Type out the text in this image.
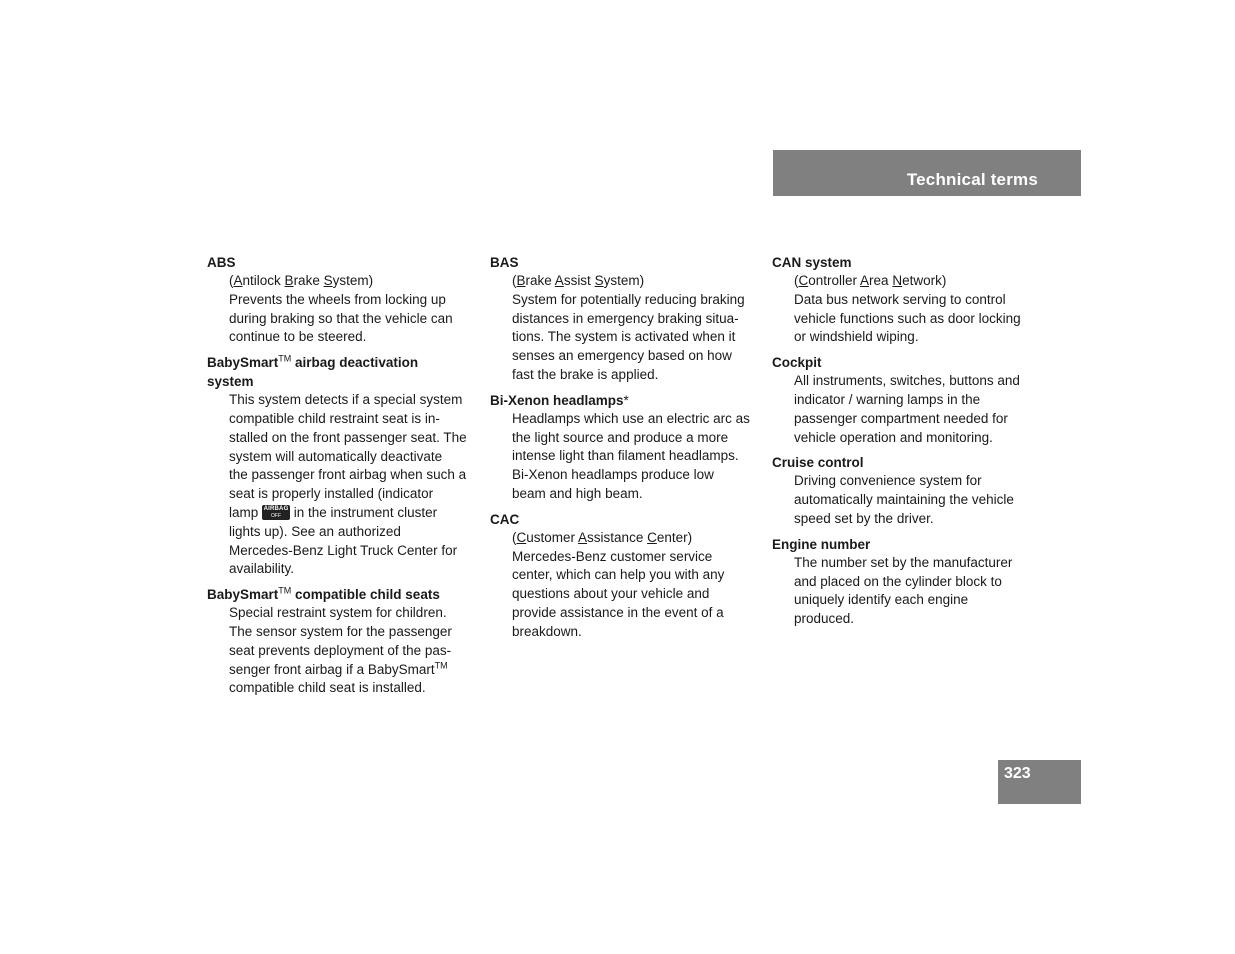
Technical terms
ABS
(Antilock Brake System)
Prevents the wheels from locking up
during braking so that the vehicle can
continue to be steered.
BabySmart™ airbag deactivation
system
This system detects if a special system
compatible child restraint seat is in-
stalled on the front passenger seat. The
system will automatically deactivate
the passenger front airbag when such a
seat is properly installed (indicator
lamp AIRBAG
OFF in the instrument cluster
lights up). See an authorized
Mercedes-Benz Light Truck Center for
availability.
BabySmart™ compatible child seats
Special restraint system for children.
The sensor system for the passenger
seat prevents deployment of the pas-
senger front airbag if a BabySmart™
compatible child seat is installed.
BAS
(Brake Assist System)
System for potentially reducing braking
distances in emergency braking situa-
tions. The system is activated when it
senses an emergency based on how
fast the brake is applied.
Bi-Xenon headlamps*
Headlamps which use an electric arc as
the light source and produce a more
intense light than filament headlamps.
Bi-Xenon headlamps produce low
beam and high beam.
CAC
(Customer Assistance Center)
Mercedes-Benz customer service
center, which can help you with any
questions about your vehicle and
provide assistance in the event of a
breakdown.
CAN system
(Controller Area Network)
Data bus network serving to control
vehicle functions such as door locking
or windshield wiping.
Cockpit
All instruments, switches, buttons and
indicator / warning lamps in the
passenger compartment needed for
vehicle operation and monitoring.
Cruise control
Driving convenience system for
automatically maintaining the vehicle
speed set by the driver.
Engine number
The number set by the manufacturer
and placed on the cylinder block to
uniquely identify each engine
produced.
323
